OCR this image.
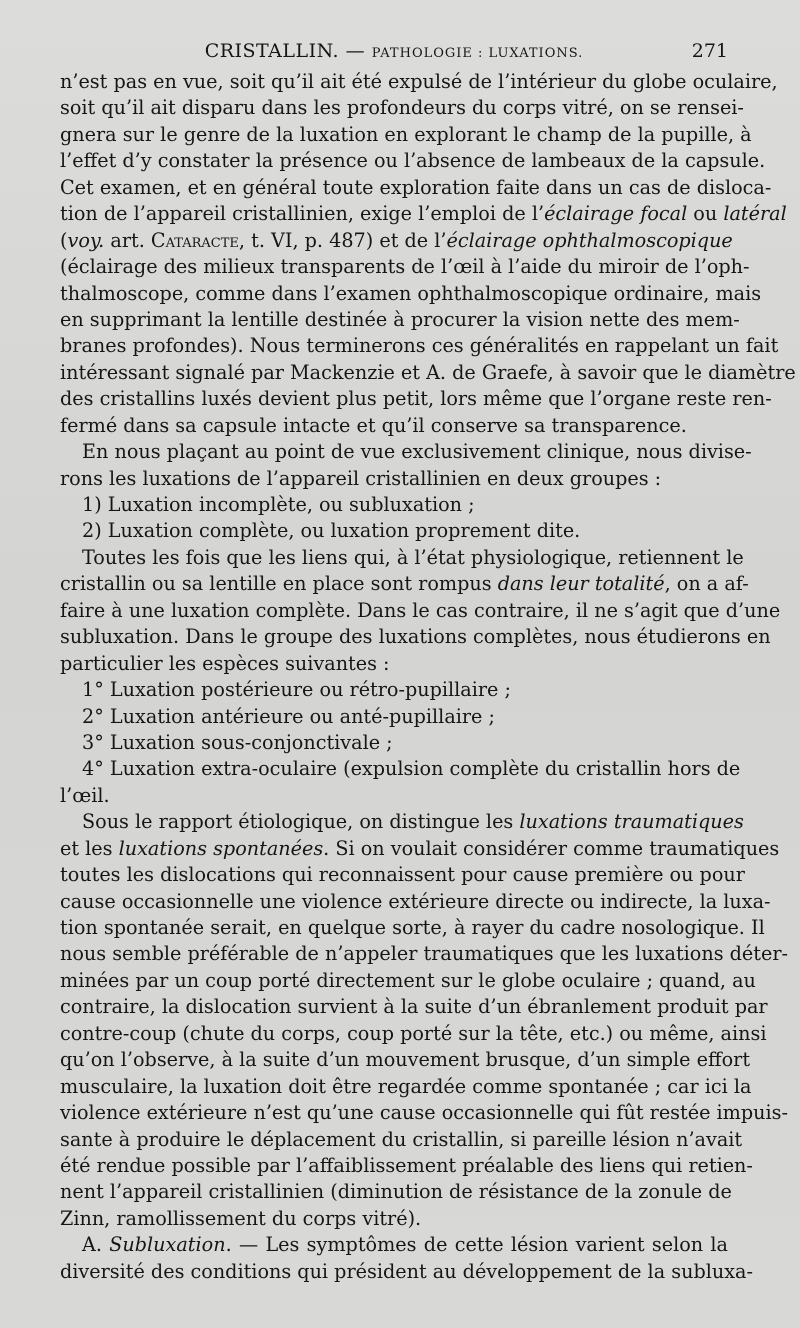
CRISTALLIN. — PATHOLOGIE : LUXATIONS.	271
n’est pas en vue, soit qu’il ait été expulsé de l’intérieur du globe oculaire,
soit qu’il ait disparu dans les profondeurs du corps vitré, on se rensei-
gnera sur le genre de la luxation en explorant le champ de la pupille, à
l’effet d’y constater la présence ou l’absence de lambeaux de la capsule.
Cet examen, et en général toute exploration faite dans un cas de disloca-
tion de l’appareil cristallinien, exige l’emploi de l’éclairage focal ou latéral
(voy. art. Cataracte, t. VI, p. 487) et de l’éclairage ophthalmoscopique
(éclairage des milieux transparents de l’œil à l’aide du miroir de l’oph-
thalmoscope, comme dans l’examen ophthalmoscopique ordinaire, mais
en supprimant la lentille destinée à procurer la vision nette des mem-
branes profondes). Nous terminerons ces généralités en rappelant un fait
intéressant signalé par Mackenzie et A. de Graefe, à savoir que le diamètre
des cristallins luxés devient plus petit, lors même que l’organe reste ren-
fermé dans sa capsule intacte et qu’il conserve sa transparence.
En nous plaçant au point de vue exclusivement clinique, nous divise-
rons les luxations de l’appareil cristallinien en deux groupes :
1) Luxation incomplète, ou subluxation ;
2) Luxation complète, ou luxation proprement dite.
Toutes les fois que les liens qui, à l’état physiologique, retiennent le
cristallin ou sa lentille en place sont rompus dans leur totalité, on a af-
faire à une luxation complète. Dans le cas contraire, il ne s’agit que d’une
subluxation. Dans le groupe des luxations complètes, nous étudierons en
particulier les espèces suivantes :
1° Luxation postérieure ou rétro-pupillaire ;
2° Luxation antérieure ou anté-pupillaire ;
3° Luxation sous-conjonctivale ;
4° Luxation extra-oculaire (expulsion complète du cristallin hors de
l’œil.
Sous le rapport étiologique, on distingue les luxations traumatiques
et les luxations spontanées. Si on voulait considérer comme traumatiques
toutes les dislocations qui reconnaissent pour cause première ou pour
cause occasionnelle une violence extérieure directe ou indirecte, la luxa-
tion spontanée serait, en quelque sorte, à rayer du cadre nosologique. Il
nous semble préférable de n’appeler traumatiques que les luxations déter-
minées par un coup porté directement sur le globe oculaire ; quand, au
contraire, la dislocation survient à la suite d’un ébranlement produit par
contre-coup (chute du corps, coup porté sur la tête, etc.) ou même, ainsi
qu’on l’observe, à la suite d’un mouvement brusque, d’un simple effort
musculaire, la luxation doit être regardée comme spontanée ; car ici la
violence extérieure n’est qu’une cause occasionnelle qui fût restée impuis-
sante à produire le déplacement du cristallin, si pareille lésion n’avait
été rendue possible par l’affaiblissement préalable des liens qui retien-
nent l’appareil cristallinien (diminution de résistance de la zonule de
Zinn, ramollissement du corps vitré).
A. Subluxation. — Les symptômes de cette lésion varient selon la
diversité des conditions qui président au développement de la subluxa-
